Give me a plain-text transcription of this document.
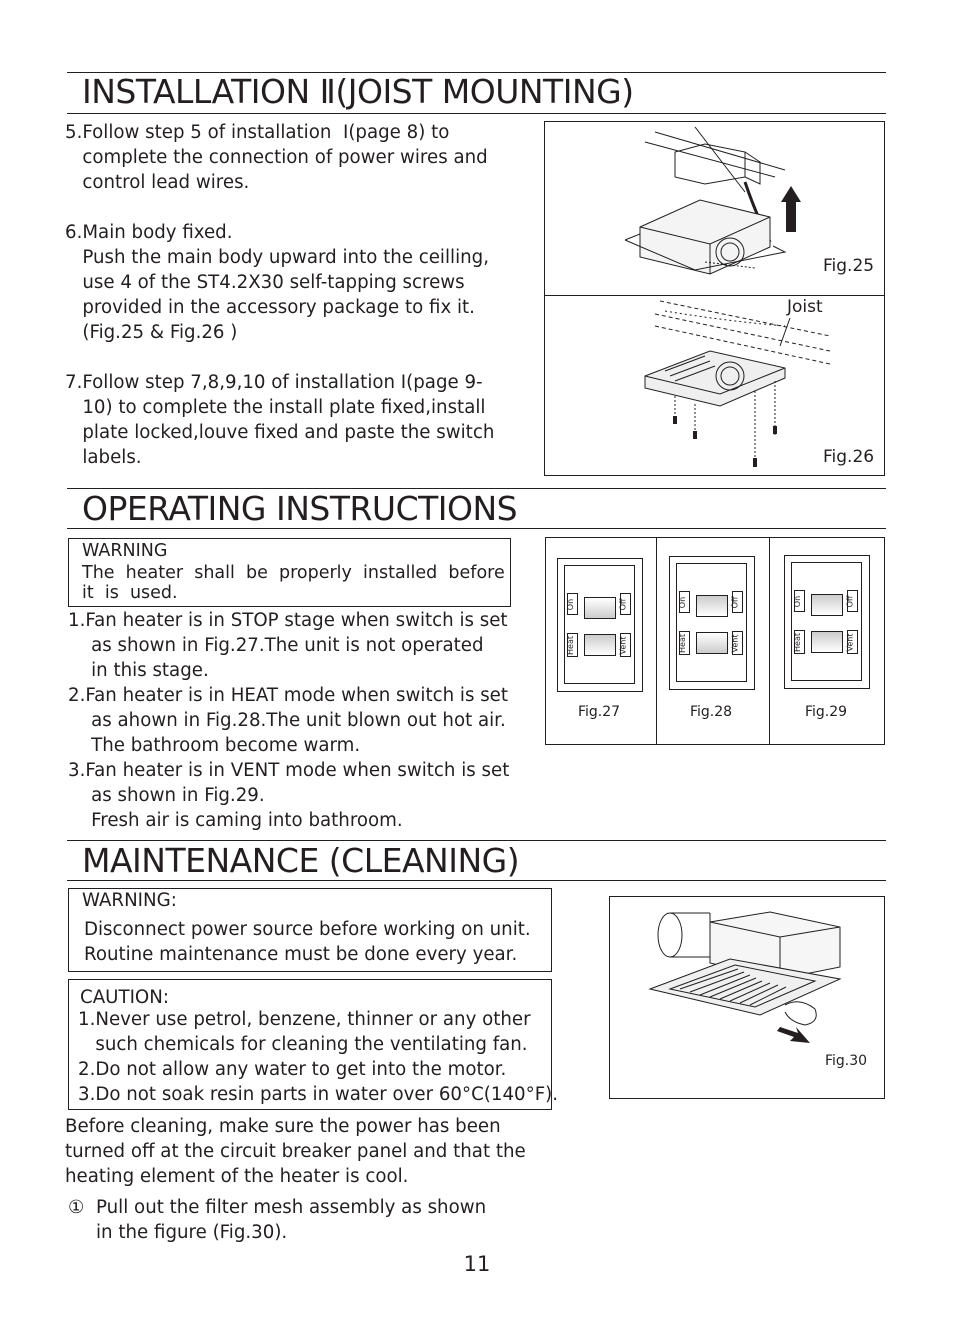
INSTALLATION Ⅱ(JOIST MOUNTING)
5.Follow step 5 of installation  Ⅰ(page 8) to
complete the connection of power wires and
control lead wires.
6.Main body fixed.
Push the main body upward into the ceilling,
use 4 of the ST4.2X30 self-tapping screws
provided in the accessory package to fix it.
(Fig.25 & Fig.26 )
7.Follow step 7,8,9,10 of installation Ⅰ(page 9-
10) to complete the install plate fixed,install
plate locked,louve fixed and paste the switch
labels.
Fig.25
Joist
Fig.26
OPERATING INSTRUCTIONS
WARNING
The  heater  shall  be  properly  installed  before
it  is  used.
1.Fan heater is in STOP stage when switch is set
as shown in Fig.27.The unit is not operated
in this stage.
2.Fan heater is in HEAT mode when switch is set
as ahown in Fig.28.The unit blown out hot air.
The bathroom become warm.
3.Fan heater is in VENT mode when switch is set
as shown in Fig.29.
Fresh air is caming into bathroom.
On	Off
Heat	Vent
Fig.27
On	Off
Heat	Vent
Fig.28
On	Off
Heat	Vent
Fig.29
MAINTENANCE (CLEANING)
WARNING:
Disconnect power source before working on unit.
Routine maintenance must be done every year.
CAUTION:
1.Never use petrol, benzene, thinner or any other
such chemicals for cleaning the ventilating fan.
2.Do not allow any water to get into the motor.
3.Do not soak resin parts in water over 60°C(140°F).
Before cleaning, make sure the power has been
turned off at the circuit breaker panel and that the
heating element of the heater is cool.
① Pull out the filter mesh assembly as shown
in the figure (Fig.30).
Fig.30
11
